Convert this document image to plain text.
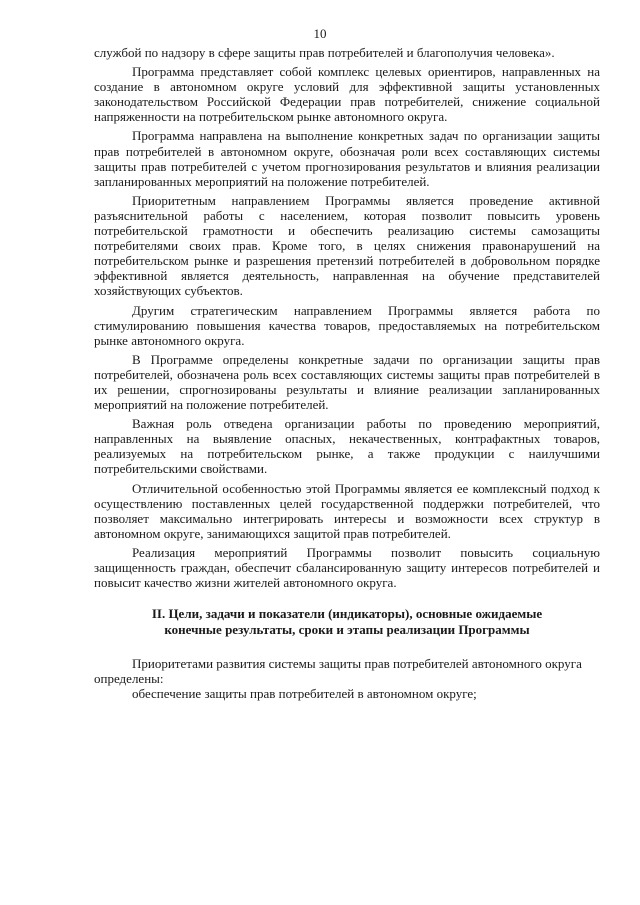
10

службой по надзору в сфере защиты прав потребителей и благополучия человека».

Программа представляет собой комплекс целевых ориентиров, направленных на создание в автономном округе условий для эффективной защиты установленных законодательством Российской Федерации прав потребителей, снижение социальной напряженности на потребительском рынке автономного округа.

Программа направлена на выполнение конкретных задач по организации защиты прав потребителей в автономном округе, обозначая роли всех составляющих системы защиты прав потребителей с учетом прогнозирования результатов и влияния реализации запланированных мероприятий на положение потребителей.

Приоритетным направлением Программы является проведение активной разъяснительной работы с населением, которая позволит повысить уровень потребительской грамотности и обеспечить реализацию системы самозащиты потребителями своих прав. Кроме того, в целях снижения правонарушений на потребительском рынке и разрешения претензий потребителей в добровольном порядке эффективной является деятельность, направленная на обучение представителей хозяйствующих субъектов.

Другим стратегическим направлением Программы является работа по стимулированию повышения качества товаров, предоставляемых на потребительском рынке автономного округа.

В Программе определены конкретные задачи по организации защиты прав потребителей, обозначена роль всех составляющих системы защиты прав потребителей в их решении, спрогнозированы результаты и влияние реализации запланированных мероприятий на положение потребителей.

Важная роль отведена организации работы по проведению мероприятий, направленных на выявление опасных, некачественных, контрафактных товаров, реализуемых на потребительском рынке, а также продукции с наилучшими потребительскими свойствами.

Отличительной особенностью этой Программы является ее комплексный подход к осуществлению поставленных целей государственной поддержки потребителей, что позволяет максимально интегрировать интересы и возможности всех структур в автономном округе, занимающихся защитой прав потребителей.

Реализация мероприятий Программы позволит повысить социальную защищенность граждан, обеспечит сбалансированную защиту интересов потребителей и повысит качество жизни жителей автономного округа.

II. Цели, задачи и показатели (индикаторы), основные ожидаемые
конечные результаты, сроки и этапы реализации Программы

Приоритетами развития системы защиты прав потребителей автономного округа определены:

обеспечение защиты прав потребителей в автономном округе;
